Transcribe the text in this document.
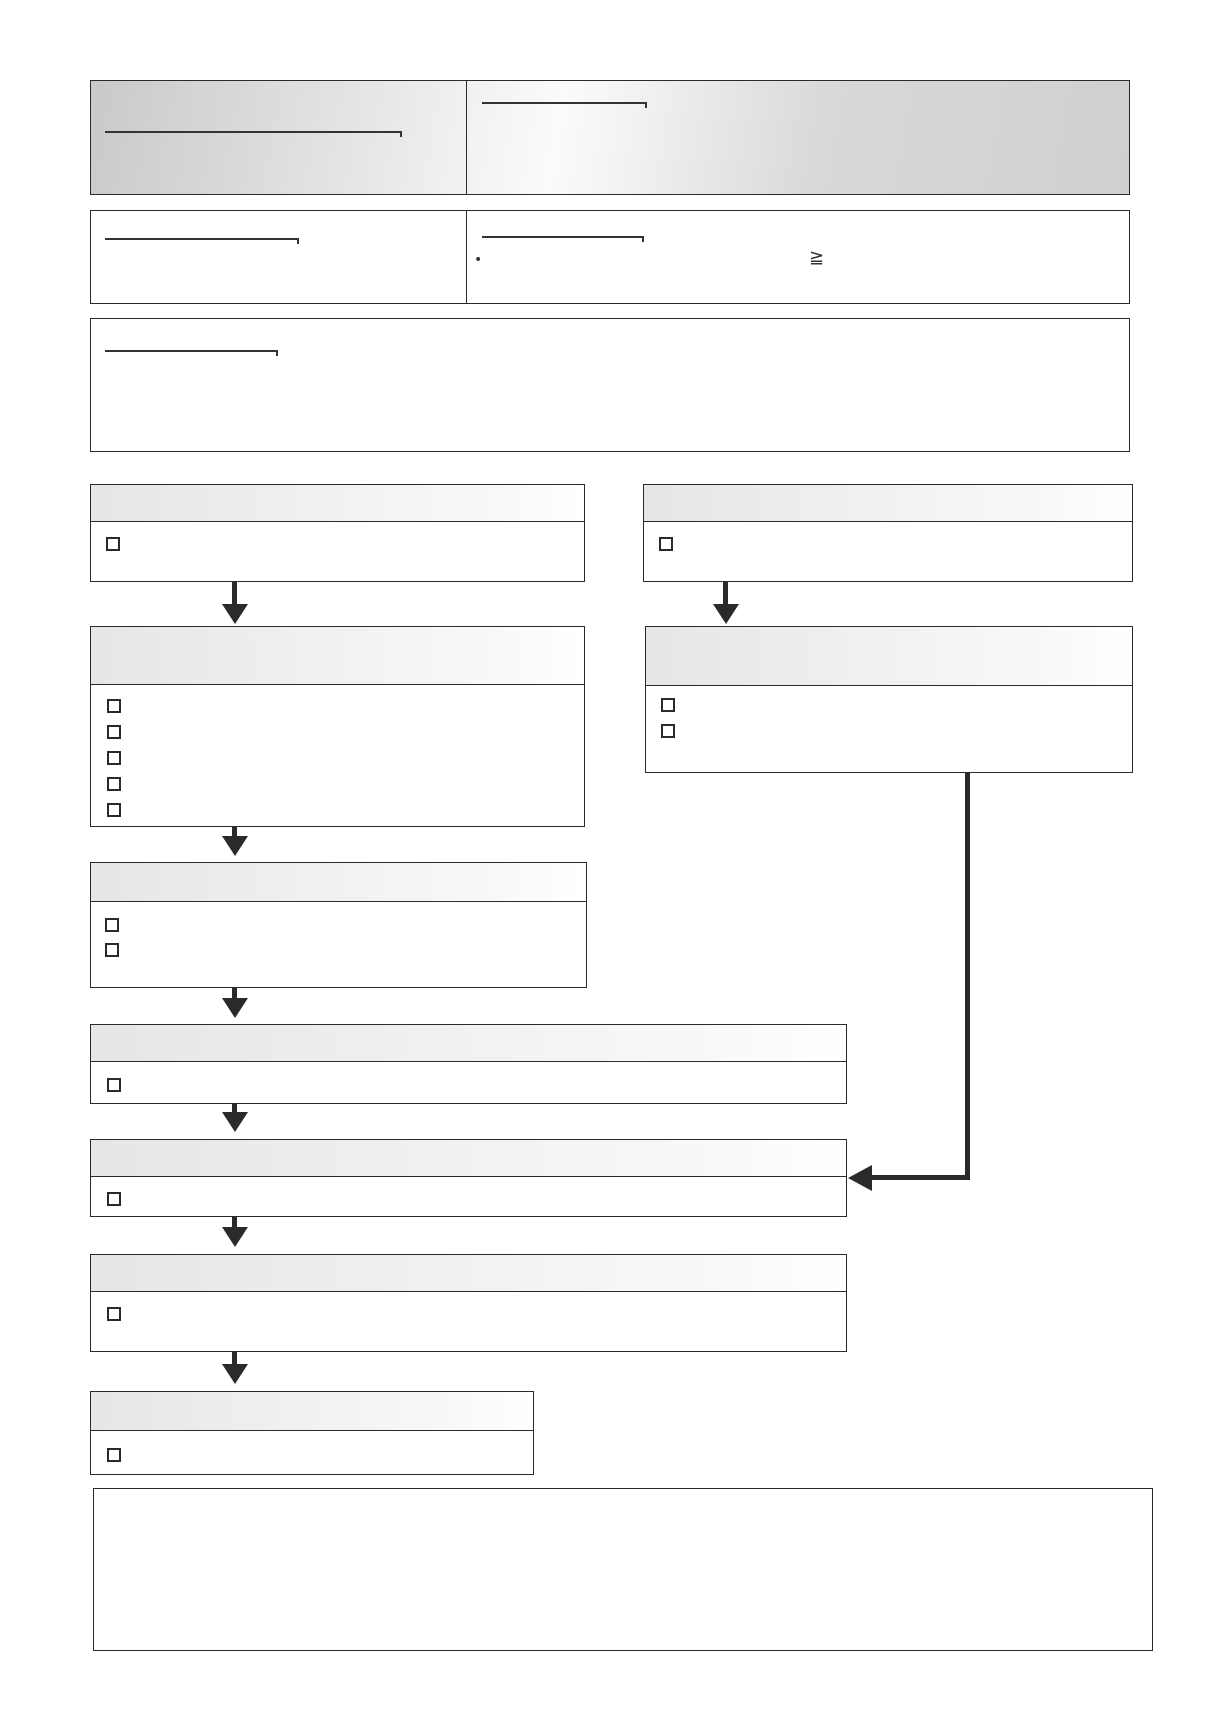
•	≧
